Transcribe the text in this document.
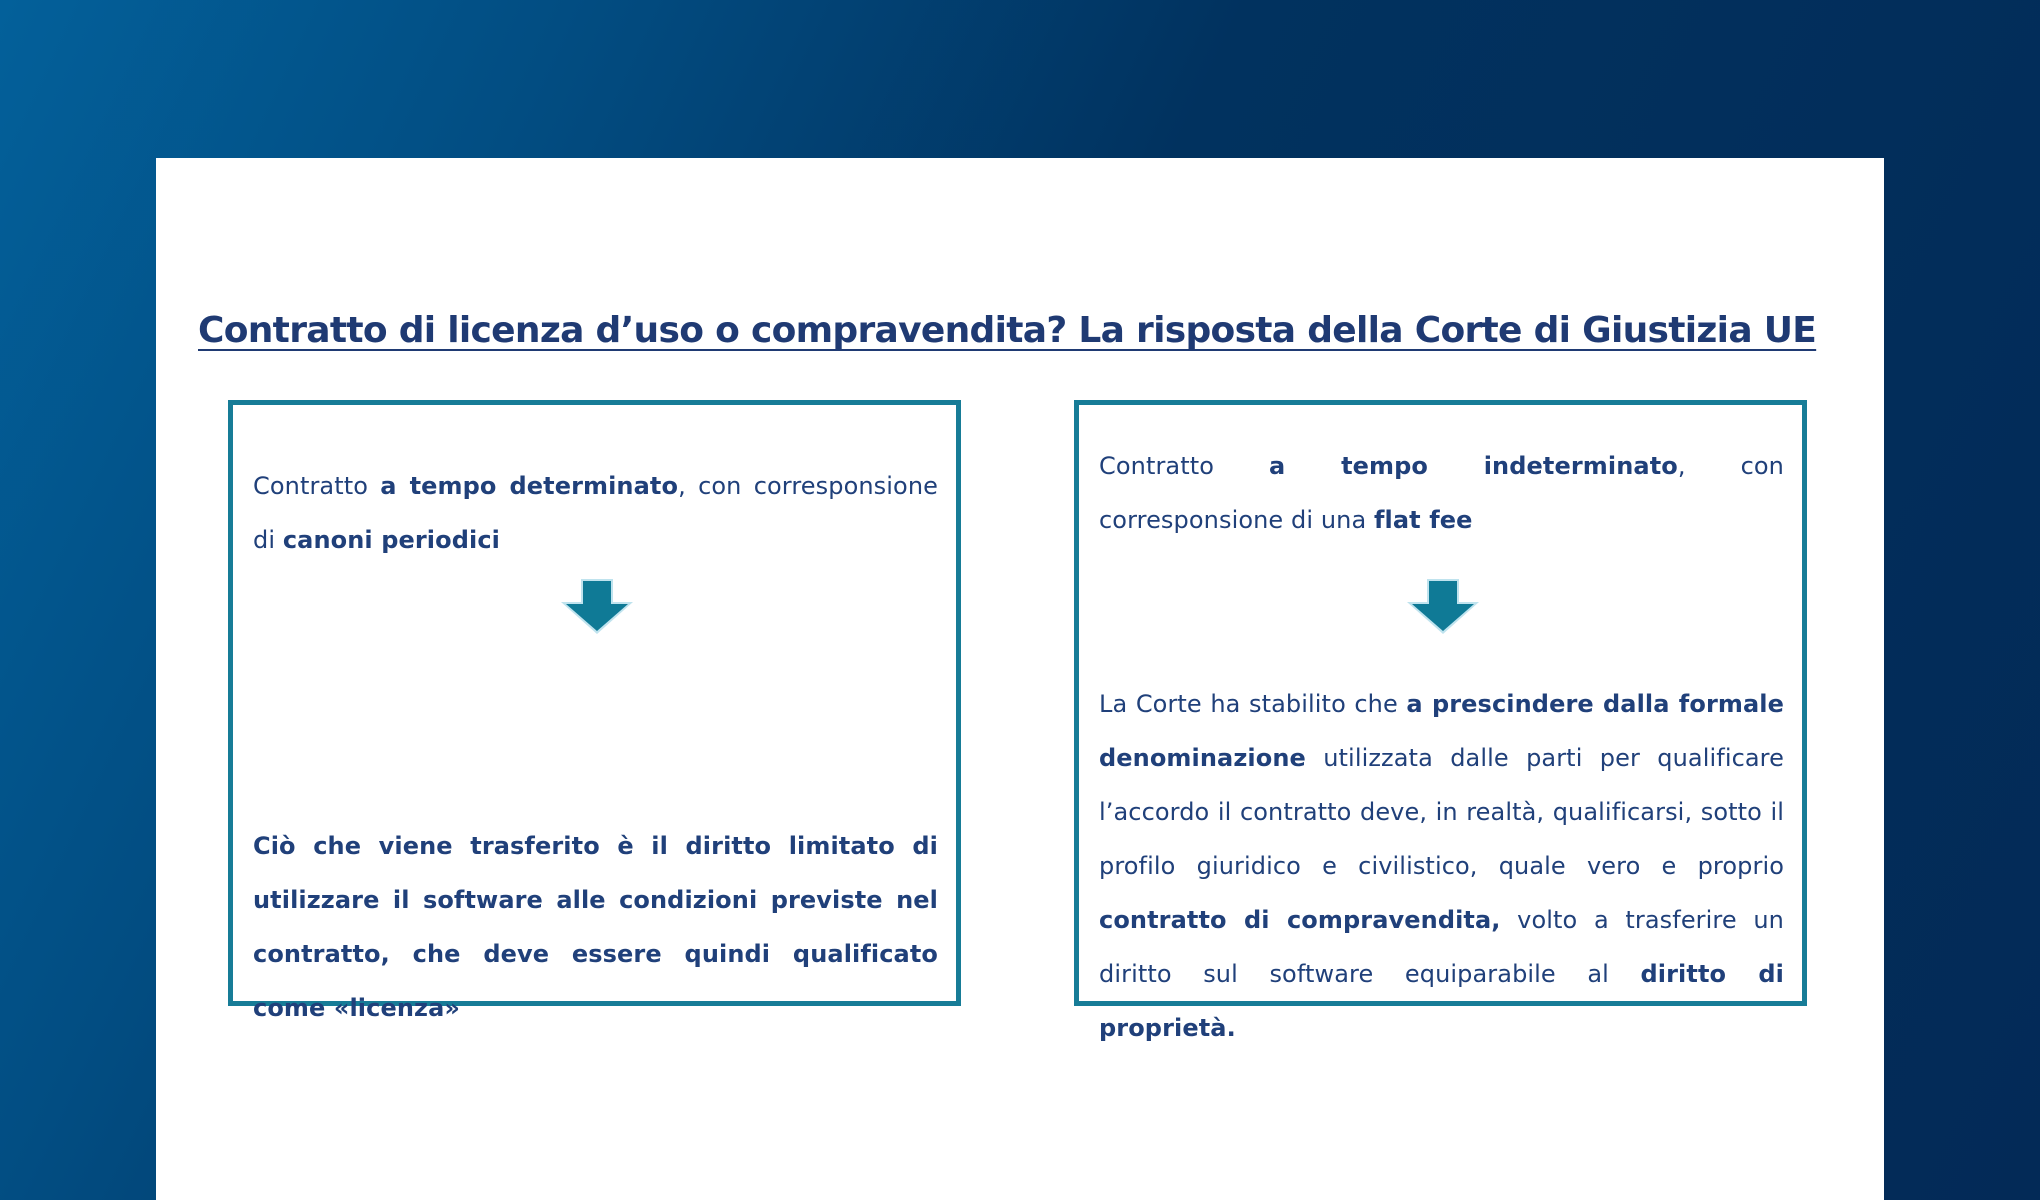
Contratto di licenza d’uso o compravendita? La risposta della Corte di Giustizia UE

Contratto a tempo determinato, con corresponsione di canoni periodici

Ciò che viene trasferito è il diritto limitato di utilizzare il software alle condizioni previste nel contratto, che deve essere quindi qualificato come «licenza»

Contratto a tempo indeterminato, con corresponsione di una flat fee

La Corte ha stabilito che a prescindere dalla formale denominazione utilizzata dalle parti per qualificare l’accordo il contratto deve, in realtà, qualificarsi, sotto il profilo giuridico e civilistico, quale vero e proprio contratto di compravendita, volto a trasferire un diritto sul software equiparabile al diritto di proprietà.
